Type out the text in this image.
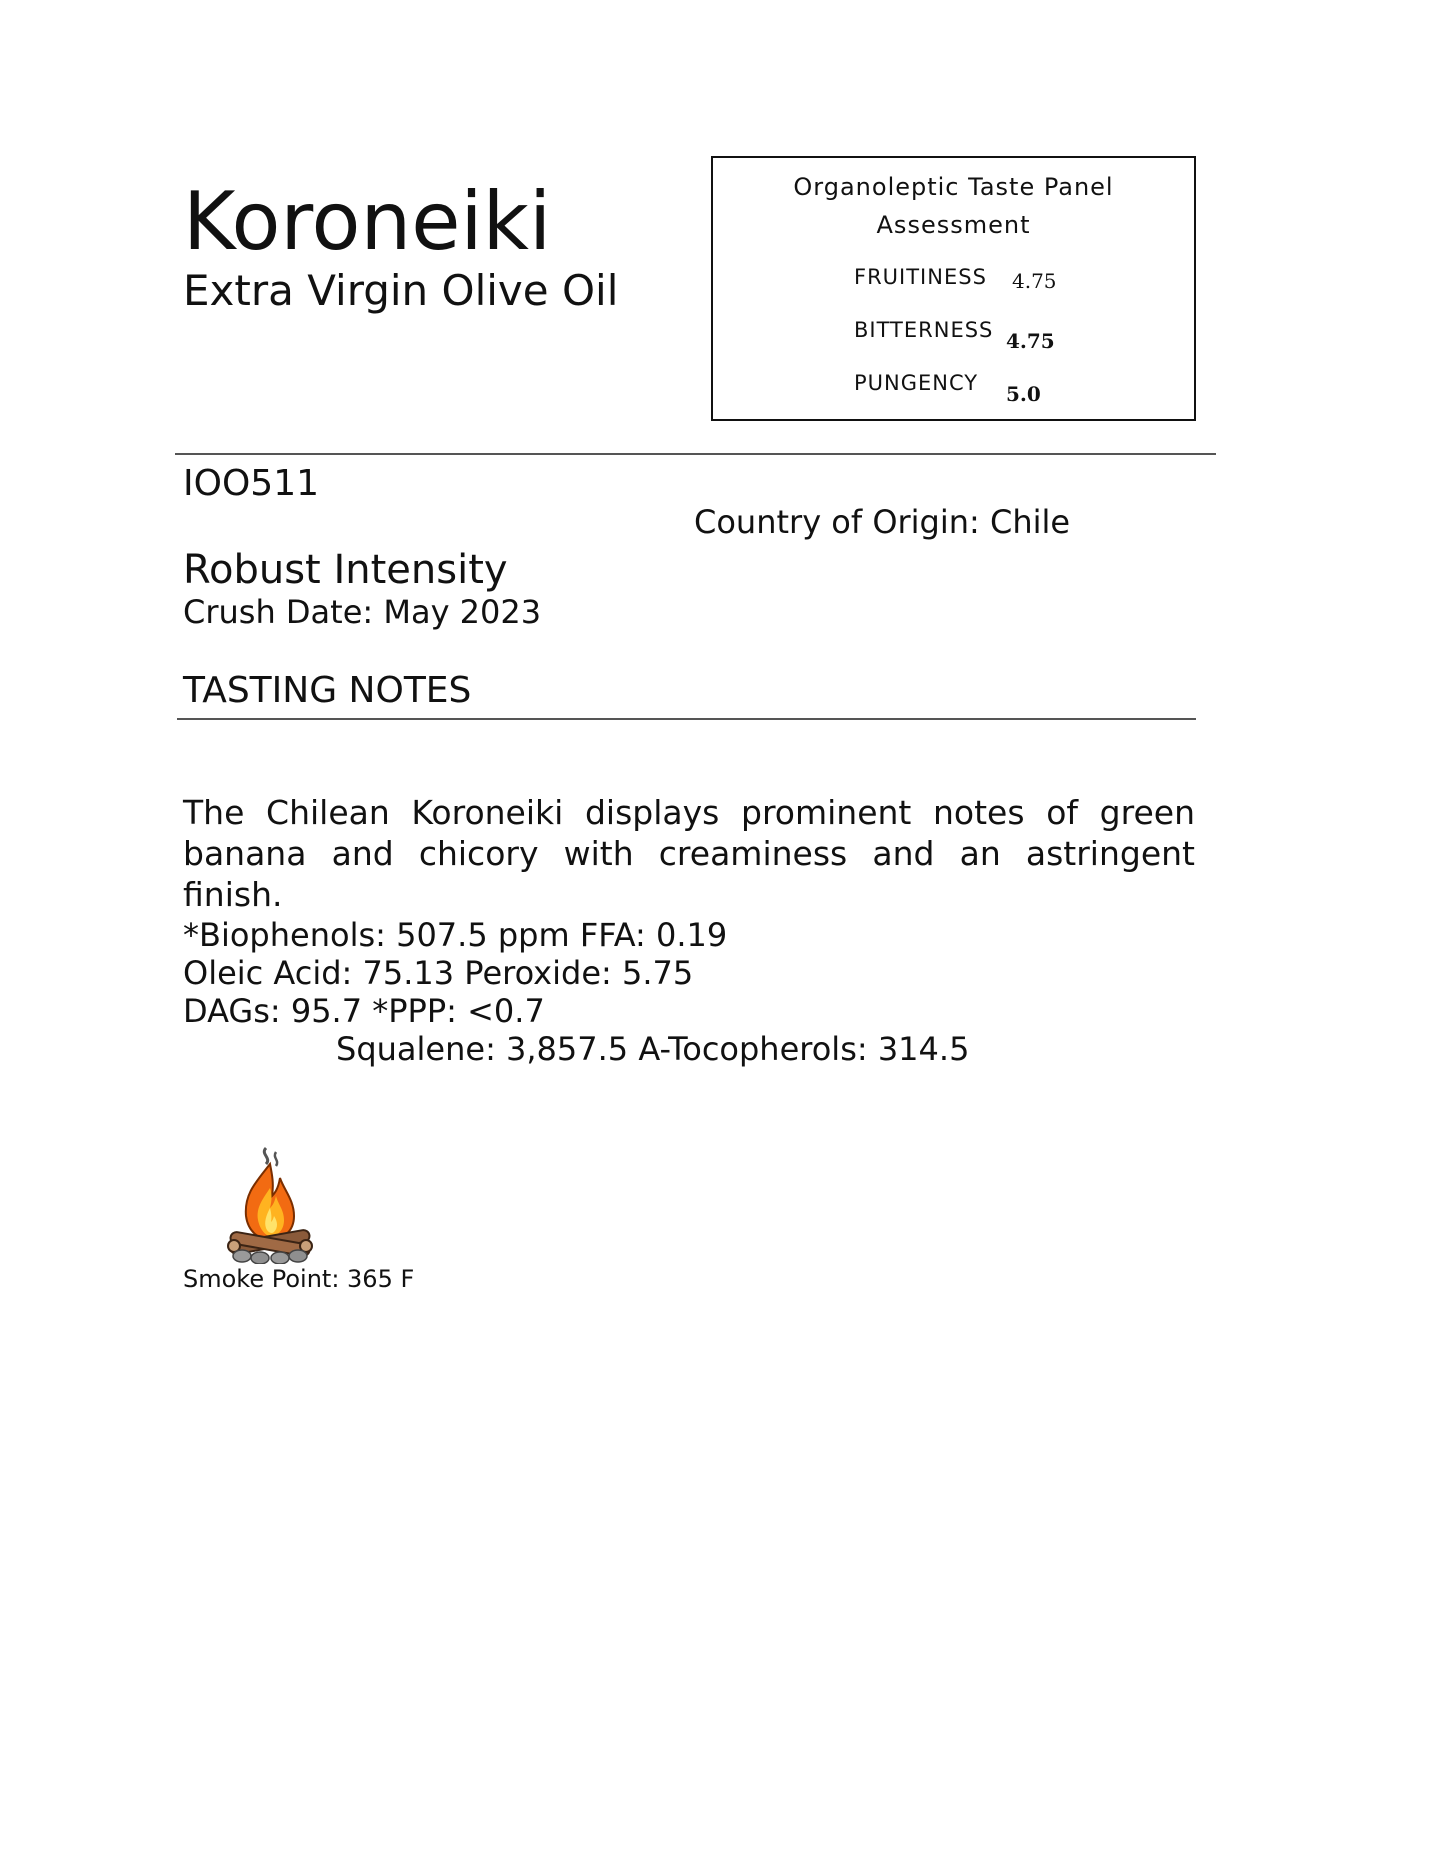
Koroneiki
Extra Virgin Olive Oil
Organoleptic Taste Panel
Assessment
FRUITINESS 4.75
BITTERNESS 4.75
PUNGENCY 5.0
IOO511
Country of Origin: Chile
Robust Intensity
Crush Date: May 2023
TASTING NOTES
The Chilean Koroneiki displays prominent notes of green banana and chicory with creaminess and an astringent finish.
*Biophenols: 507.5 ppm FFA: 0.19
Oleic Acid: 75.13 Peroxide: 5.75
DAGs: 95.7 *PPP: <0.7
Squalene: 3,857.5 A-Tocopherols: 314.5
Smoke Point: 365 F
